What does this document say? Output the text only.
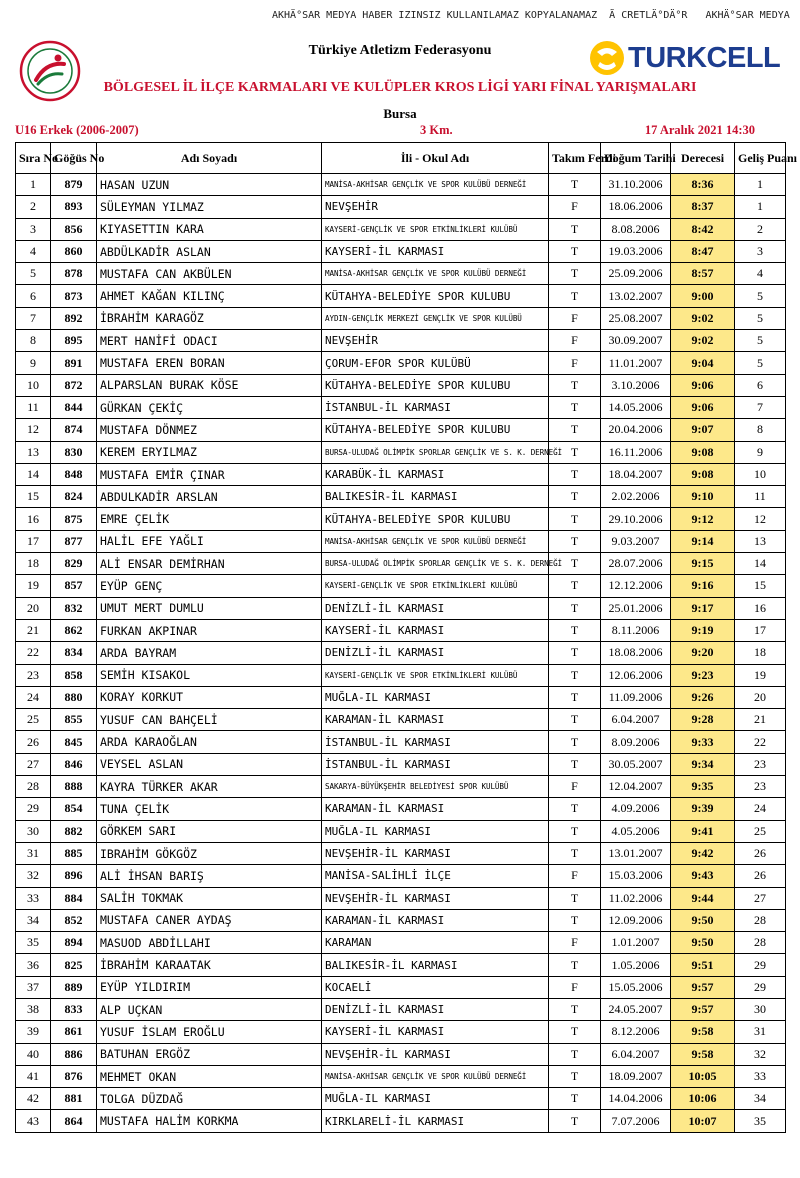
AKHÄ°SAR MEDYA HABER IZINSIZ KULLANILAMAZ KOPYALANAMAZ  Ã CRETLÄ°DÄ°R   AKHÄ°SAR MEDYA
Türkiye Atletizm Federasyonu	TURKCELL
BÖLGESEL İL İLÇE KARMALARI VE KULÜPLER KROS LİGİ YARI FİNAL YARIŞMALARI
Bursa
U16 Erkek (2006-2007)	3 Km.	17 Aralık 2021 14:30
Sıra No	Göğüs No	Adı Soyadı	İli - Okul Adı	Takım Ferdi	Doğum Tarihi	Derecesi	Geliş Puanı
1	879	HASAN UZUN	MANİSA-AKHİSAR GENÇLİK VE SPOR KULÜBÜ DERNEĞİ	T	31.10.2006	8:36	1
2	893	SÜLEYMAN YILMAZ	NEVŞEHİR	F	18.06.2006	8:37	1
3	856	KIYASETTIN KARA	KAYSERİ-GENÇLİK VE SPOR ETKİNLİKLERİ KULÜBÜ	T	8.08.2006	8:42	2
4	860	ABDÜLKADİR ASLAN	KAYSERİ-İL KARMASI	T	19.03.2006	8:47	3
5	878	MUSTAFA CAN AKBÜLEN	MANİSA-AKHİSAR GENÇLİK VE SPOR KULÜBÜ DERNEĞİ	T	25.09.2006	8:57	4
6	873	AHMET KAĞAN KILINÇ	KÜTAHYA-BELEDİYE SPOR KULUBU	T	13.02.2007	9:00	5
7	892	İBRAHİM KARAGÖZ	AYDIN-GENÇLİK MERKEZİ GENÇLİK VE SPOR KULÜBÜ	F	25.08.2007	9:02	5
8	895	MERT HANİFİ ODACI	NEVŞEHİR	F	30.09.2007	9:02	5
9	891	MUSTAFA EREN BORAN	ÇORUM-EFOR SPOR KULÜBÜ	F	11.01.2007	9:04	5
10	872	ALPARSLAN BURAK KÖSE	KÜTAHYA-BELEDİYE SPOR KULUBU	T	3.10.2006	9:06	6
11	844	GÜRKAN ÇEKİÇ	İSTANBUL-İL KARMASI	T	14.05.2006	9:06	7
12	874	MUSTAFA DÖNMEZ	KÜTAHYA-BELEDİYE SPOR KULUBU	T	20.04.2006	9:07	8
13	830	KEREM ERYILMAZ	BURSA-ULUDAĞ OLİMPİK SPORLAR GENÇLİK VE S. K. DERNEĞİ	T	16.11.2006	9:08	9
14	848	MUSTAFA EMİR ÇINAR	KARABÜK-İL KARMASI	T	18.04.2007	9:08	10
15	824	ABDULKADİR ARSLAN	BALIKESİR-İL KARMASI	T	2.02.2006	9:10	11
16	875	EMRE ÇELİK	KÜTAHYA-BELEDİYE SPOR KULUBU	T	29.10.2006	9:12	12
17	877	HALİL EFE YAĞLI	MANİSA-AKHİSAR GENÇLİK VE SPOR KULÜBÜ DERNEĞİ	T	9.03.2007	9:14	13
18	829	ALİ ENSAR DEMİRHAN	BURSA-ULUDAĞ OLİMPİK SPORLAR GENÇLİK VE S. K. DERNEĞİ	T	28.07.2006	9:15	14
19	857	EYÜP GENÇ	KAYSERİ-GENÇLİK VE SPOR ETKİNLİKLERİ KULÜBÜ	T	12.12.2006	9:16	15
20	832	UMUT MERT DUMLU	DENİZLİ-İL KARMASI	T	25.01.2006	9:17	16
21	862	FURKAN AKPINAR	KAYSERİ-İL KARMASI	T	8.11.2006	9:19	17
22	834	ARDA BAYRAM	DENİZLİ-İL KARMASI	T	18.08.2006	9:20	18
23	858	SEMİH KISAKOL	KAYSERİ-GENÇLİK VE SPOR ETKİNLİKLERİ KULÜBÜ	T	12.06.2006	9:23	19
24	880	KORAY KORKUT	MUĞLA-IL KARMASI	T	11.09.2006	9:26	20
25	855	YUSUF CAN BAHÇELİ	KARAMAN-İL KARMASI	T	6.04.2007	9:28	21
26	845	ARDA KARAOĞLAN	İSTANBUL-İL KARMASI	T	8.09.2006	9:33	22
27	846	VEYSEL ASLAN	İSTANBUL-İL KARMASI	T	30.05.2007	9:34	23
28	888	KAYRA TÜRKER AKAR	SAKARYA-BÜYÜKŞEHİR BELEDİYESİ SPOR KULÜBÜ	F	12.04.2007	9:35	23
29	854	TUNA ÇELİK	KARAMAN-İL KARMASI	T	4.09.2006	9:39	24
30	882	GÖRKEM SARI	MUĞLA-IL KARMASI	T	4.05.2006	9:41	25
31	885	IBRAHİM GÖKGÖZ	NEVŞEHİR-İL KARMASI	T	13.01.2007	9:42	26
32	896	ALİ İHSAN BARIŞ	MANİSA-SALİHLİ İLÇE	F	15.03.2006	9:43	26
33	884	SALİH TOKMAK	NEVŞEHİR-İL KARMASI	T	11.02.2006	9:44	27
34	852	MUSTAFA CANER AYDAŞ	KARAMAN-İL KARMASI	T	12.09.2006	9:50	28
35	894	MASUOD ABDİLLAHI	KARAMAN	F	1.01.2007	9:50	28
36	825	İBRAHİM KARAATAK	BALIKESİR-İL KARMASI	T	1.05.2006	9:51	29
37	889	EYÜP YILDIRIM	KOCAELİ	F	15.05.2006	9:57	29
38	833	ALP UÇKAN	DENİZLİ-İL KARMASI	T	24.05.2007	9:57	30
39	861	YUSUF İSLAM EROĞLU	KAYSERİ-İL KARMASI	T	8.12.2006	9:58	31
40	886	BATUHAN ERGÖZ	NEVŞEHİR-İL KARMASI	T	6.04.2007	9:58	32
41	876	MEHMET OKAN	MANİSA-AKHİSAR GENÇLİK VE SPOR KULÜBÜ DERNEĞİ	T	18.09.2007	10:05	33
42	881	TOLGA DÜZDAĞ	MUĞLA-IL KARMASI	T	14.04.2006	10:06	34
43	864	MUSTAFA HALİM KORKMA	KIRKLARELİ-İL KARMASI	T	7.07.2006	10:07	35
